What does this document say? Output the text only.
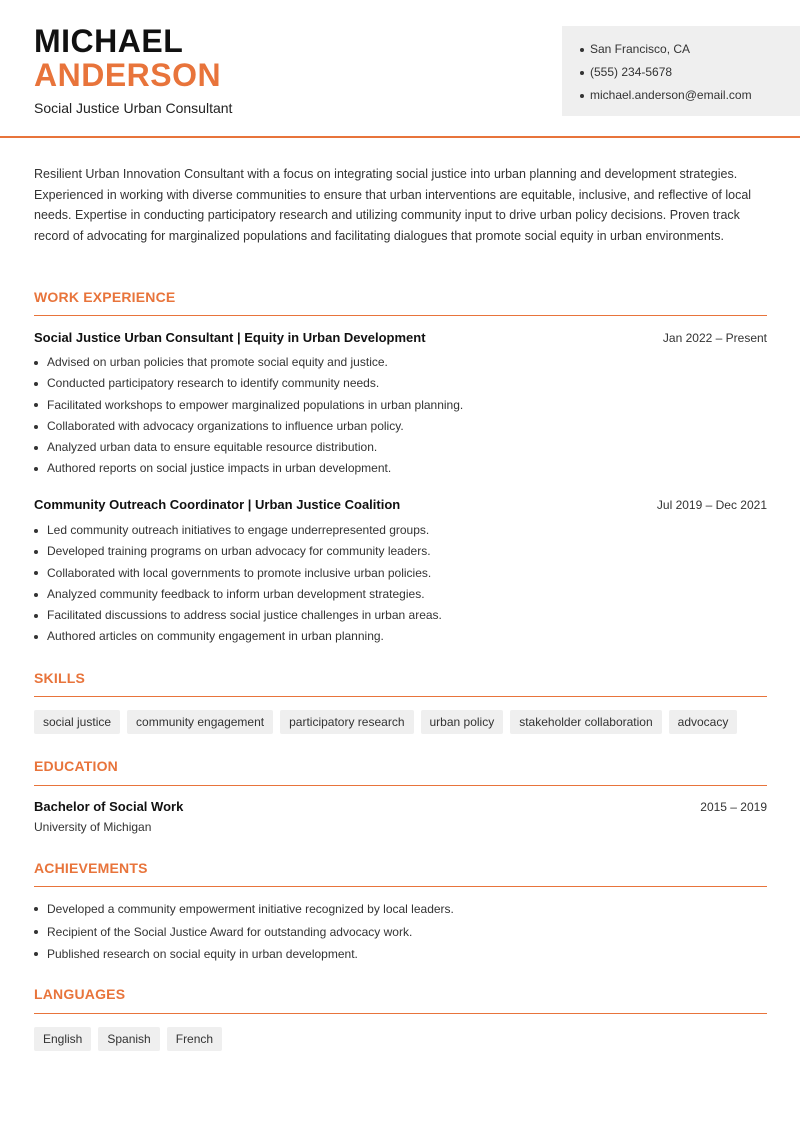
MICHAEL
ANDERSON
Social Justice Urban Consultant
San Francisco, CA
(555) 234-5678
michael.anderson@email.com

Resilient Urban Innovation Consultant with a focus on integrating social justice into urban planning and development strategies. Experienced in working with diverse communities to ensure that urban interventions are equitable, inclusive, and reflective of local needs. Expertise in conducting participatory research and utilizing community input to drive urban policy decisions. Proven track record of advocating for marginalized populations and facilitating dialogues that promote social equity in urban environments.

WORK EXPERIENCE
Social Justice Urban Consultant | Equity in Urban Development	Jan 2022 – Present
Advised on urban policies that promote social equity and justice.
Conducted participatory research to identify community needs.
Facilitated workshops to empower marginalized populations in urban planning.
Collaborated with advocacy organizations to influence urban policy.
Analyzed urban data to ensure equitable resource distribution.
Authored reports on social justice impacts in urban development.
Community Outreach Coordinator | Urban Justice Coalition	Jul 2019 – Dec 2021
Led community outreach initiatives to engage underrepresented groups.
Developed training programs on urban advocacy for community leaders.
Collaborated with local governments to promote inclusive urban policies.
Analyzed community feedback to inform urban development strategies.
Facilitated discussions to address social justice challenges in urban areas.
Authored articles on community engagement in urban planning.
SKILLS
social justice	community engagement	participatory research	urban policy	stakeholder collaboration	advocacy
EDUCATION
Bachelor of Social Work	2015 – 2019
University of Michigan
ACHIEVEMENTS
Developed a community empowerment initiative recognized by local leaders.
Recipient of the Social Justice Award for outstanding advocacy work.
Published research on social equity in urban development.
LANGUAGES
English	Spanish	French
